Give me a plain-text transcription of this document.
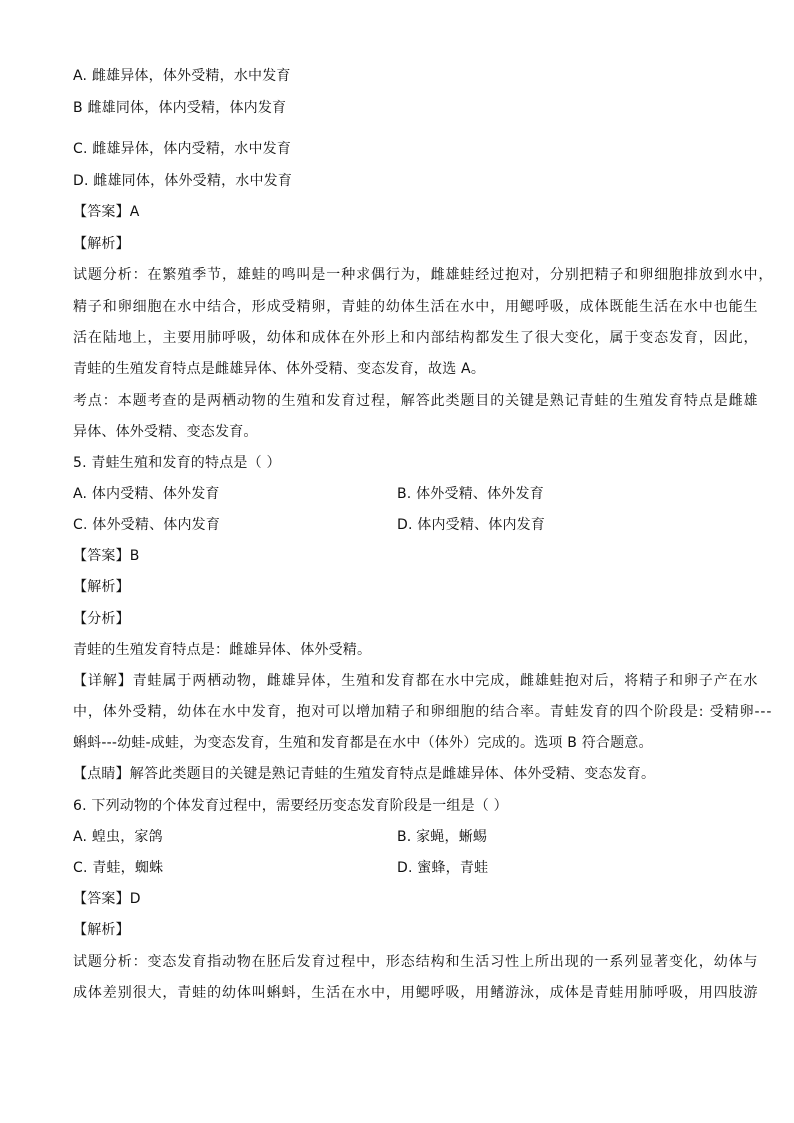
A. 雌雄异体，体外受精，水中发育
B 雌雄同体，体内受精，体内发育
C. 雌雄异体，体内受精，水中发育
D. 雌雄同体，体外受精，水中发育
【答案】A
【解析】
试题分析：在繁殖季节，雄蛙的鸣叫是一种求偶行为，雌雄蛙经过抱对，分别把精子和卵细胞排放到水中，
精子和卵细胞在水中结合，形成受精卵，青蛙的幼体生活在水中，用鳃呼吸，成体既能生活在水中也能生
活在陆地上，主要用肺呼吸，幼体和成体在外形上和内部结构都发生了很大变化，属于变态发育，因此，
青蛙的生殖发育特点是雌雄异体、体外受精、变态发育，故选 A。
考点：本题考查的是两栖动物的生殖和发育过程，解答此类题目的关键是熟记青蛙的生殖发育特点是雌雄
异体、体外受精、变态发育。
5. 青蛙生殖和发育的特点是（ ）
A. 体内受精、体外发育	B. 体外受精、体外发育
C. 体外受精、体内发育	D. 体内受精、体内发育
【答案】B
【解析】
【分析】
青蛙的生殖发育特点是：雌雄异体、体外受精。
【详解】青蛙属于两栖动物，雌雄异体，生殖和发育都在水中完成，雌雄蛙抱对后，将精子和卵子产在水
中，体外受精，幼体在水中发育，抱对可以增加精子和卵细胞的结合率。青蛙发育的四个阶段是: 受精卵---
蝌蚪---幼蛙-成蛙，为变态发育，生殖和发育都是在水中（体外）完成的。选项 B 符合题意。
【点睛】解答此类题目的关键是熟记青蛙的生殖发育特点是雌雄异体、体外受精、变态发育。
6. 下列动物的个体发育过程中，需要经历变态发育阶段是一组是（ ）
A. 蝗虫，家鸽	B. 家蝇，蜥蜴
C. 青蛙，蜘蛛	D. 蜜蜂，青蛙
【答案】D
【解析】
试题分析：变态发育指动物在胚后发育过程中，形态结构和生活习性上所出现的一系列显著变化，幼体与
成体差别很大，青蛙的幼体叫蝌蚪，生活在水中，用鳃呼吸，用鳍游泳，成体是青蛙用肺呼吸，用四肢游
